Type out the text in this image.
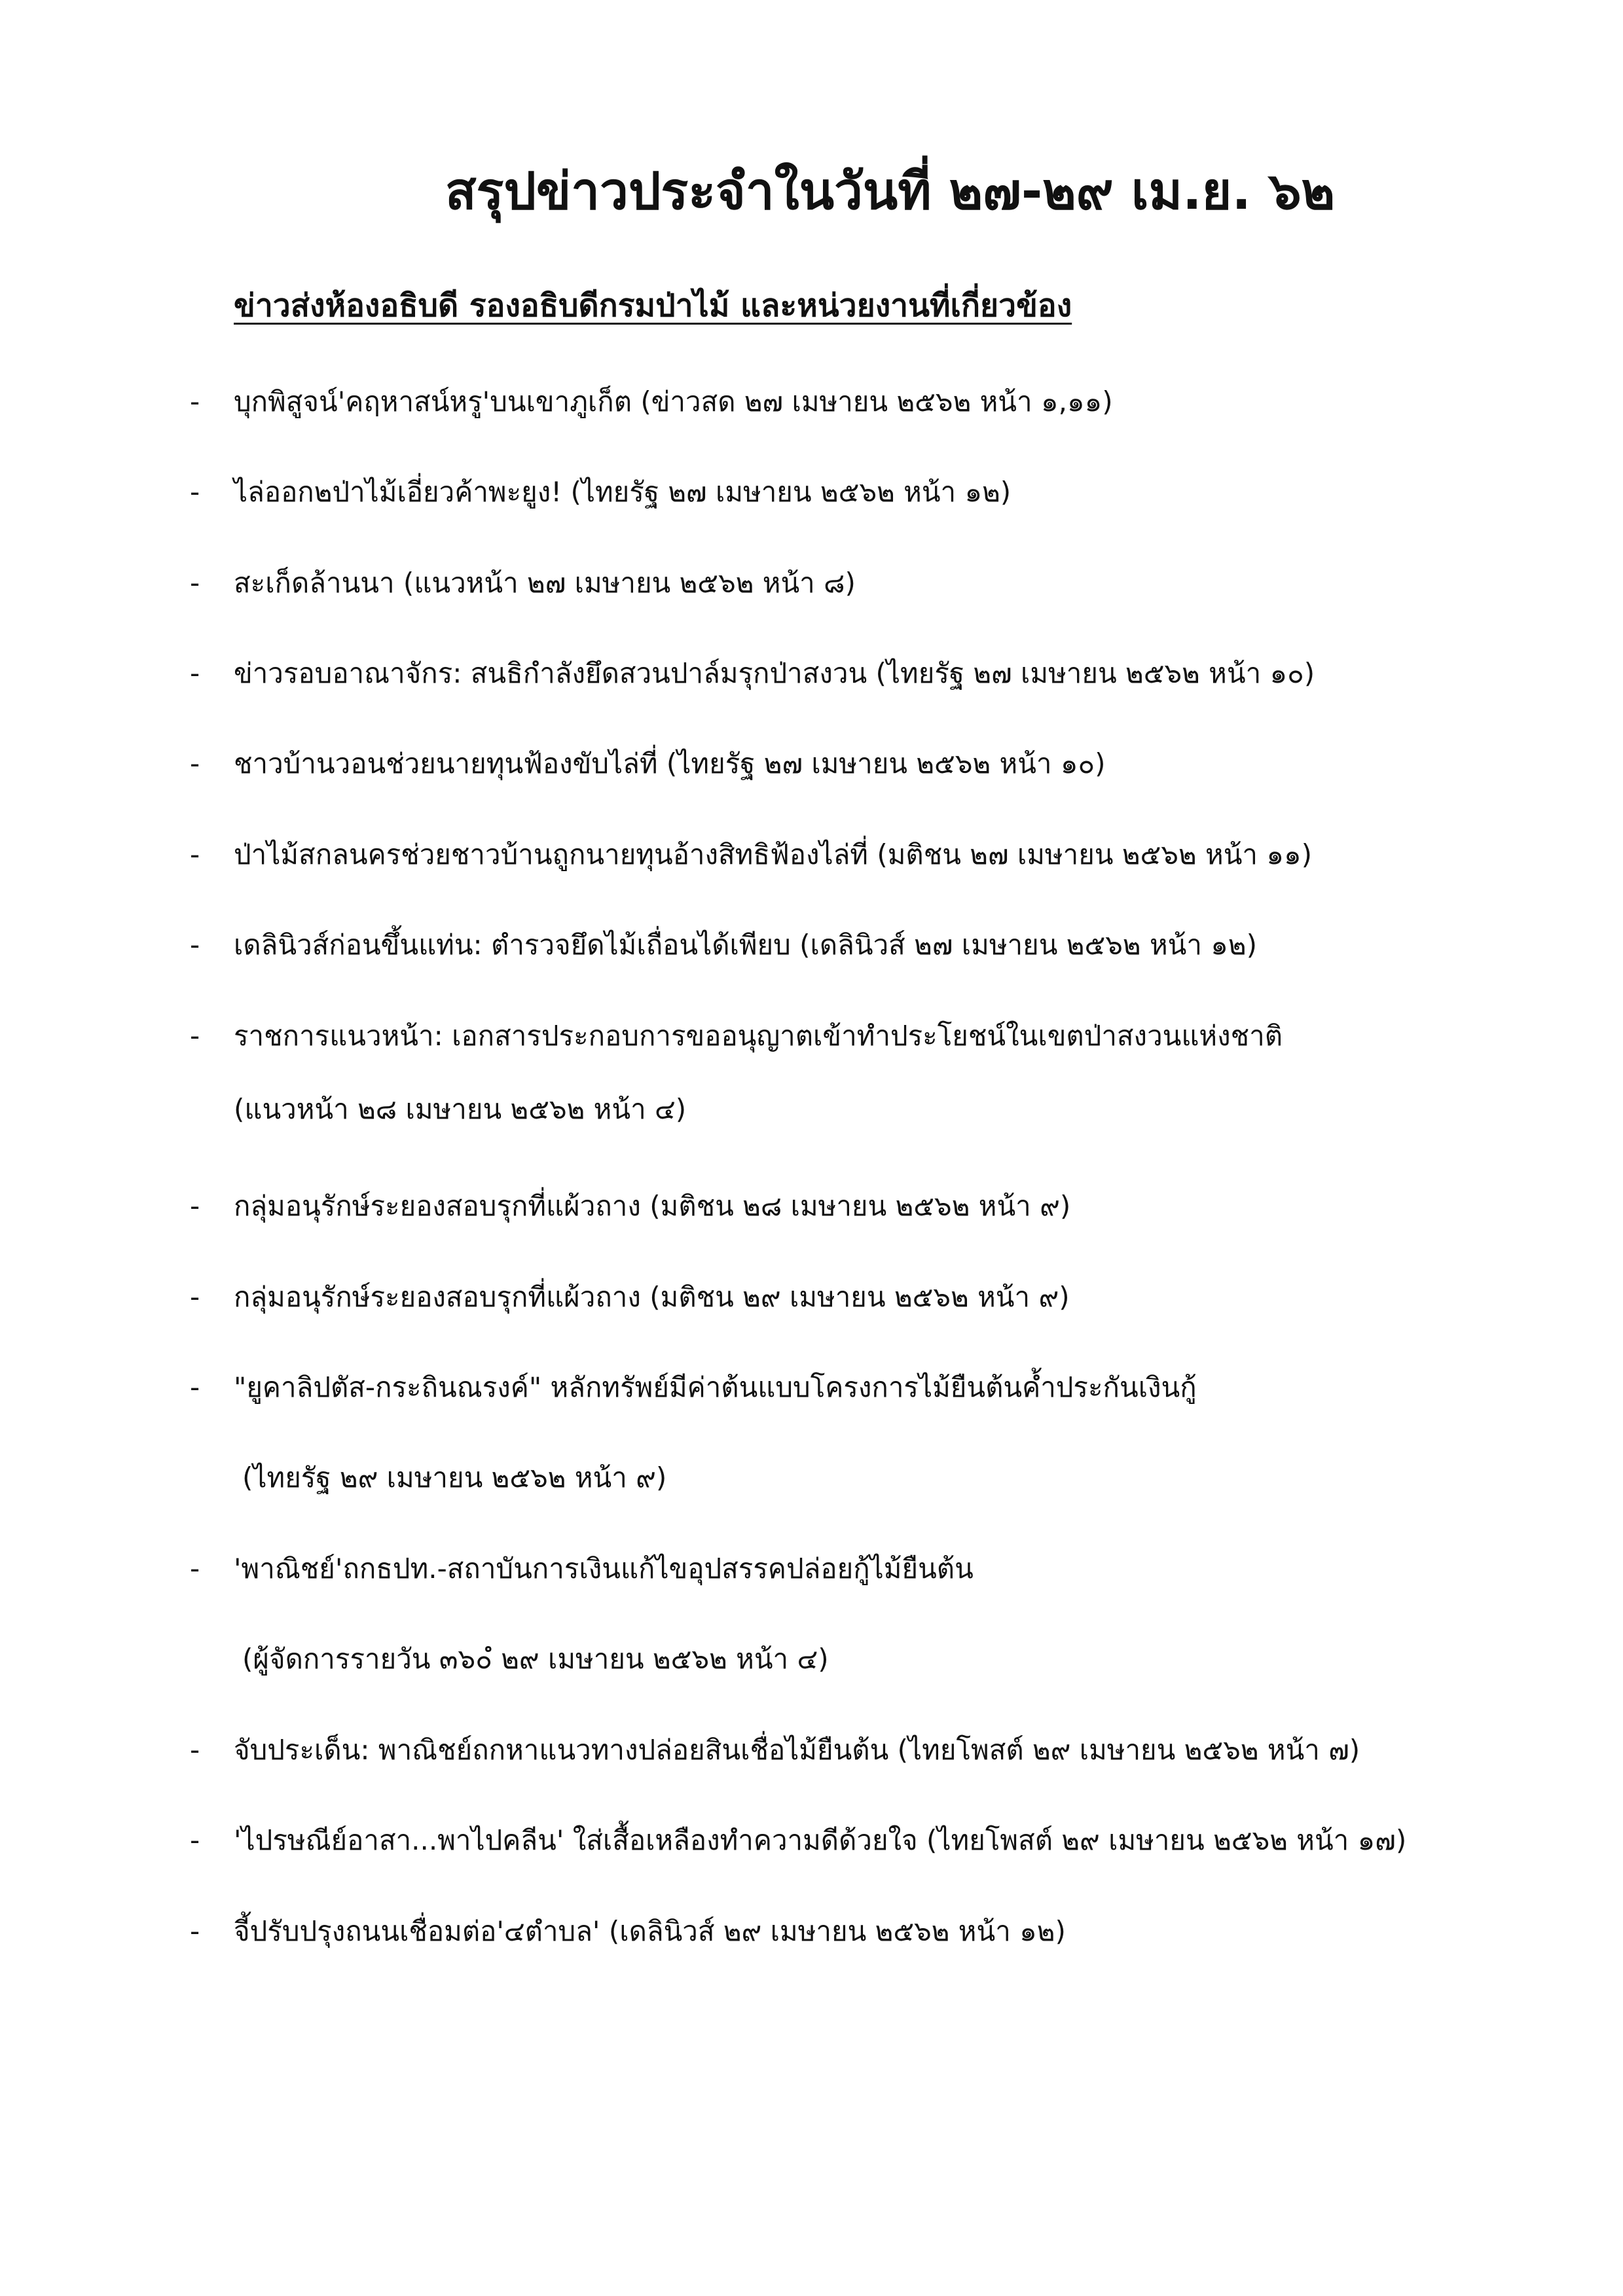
สรุปข่าวประจำในวันที่ ๒๗-๒๙ เม.ย. ๖๒
ข่าวส่งห้องอธิบดี รองอธิบดีกรมป่าไม้ และหน่วยงานที่เกี่ยวข้อง
- บุกพิสูจน์'คฤหาสน์หรู'บนเขาภูเก็ต (ข่าวสด ๒๗ เมษายน ๒๕๖๒ หน้า ๑,๑๑)
- ไล่ออก๒ป่าไม้เอี่ยวค้าพะยูง! (ไทยรัฐ ๒๗ เมษายน ๒๕๖๒ หน้า ๑๒)
- สะเก็ดล้านนา (แนวหน้า ๒๗ เมษายน ๒๕๖๒ หน้า ๘)
- ข่าวรอบอาณาจักร: สนธิกำลังยึดสวนปาล์มรุกป่าสงวน (ไทยรัฐ ๒๗ เมษายน ๒๕๖๒ หน้า ๑๐)
- ชาวบ้านวอนช่วยนายทุนฟ้องขับไล่ที่ (ไทยรัฐ ๒๗ เมษายน ๒๕๖๒ หน้า ๑๐)
- ป่าไม้สกลนครช่วยชาวบ้านถูกนายทุนอ้างสิทธิฟ้องไล่ที่ (มติชน ๒๗ เมษายน ๒๕๖๒ หน้า ๑๑)
- เดลินิวส์ก่อนขึ้นแท่น: ตำรวจยึดไม้เถื่อนได้เพียบ (เดลินิวส์ ๒๗ เมษายน ๒๕๖๒ หน้า ๑๒)
- ราชการแนวหน้า: เอกสารประกอบการขออนุญาตเข้าทำประโยชน์ในเขตป่าสงวนแห่งชาติ
(แนวหน้า ๒๘ เมษายน ๒๕๖๒ หน้า ๔)
- กลุ่มอนุรักษ์ระยองสอบรุกที่แผ้วถาง (มติชน ๒๘ เมษายน ๒๕๖๒ หน้า ๙)
- กลุ่มอนุรักษ์ระยองสอบรุกที่แผ้วถาง (มติชน ๒๙ เมษายน ๒๕๖๒ หน้า ๙)
- "ยูคาลิปตัส-กระถินณรงค์" หลักทรัพย์มีค่าต้นแบบโครงการไม้ยืนต้นค้ำประกันเงินกู้
(ไทยรัฐ ๒๙ เมษายน ๒๕๖๒ หน้า ๙)
- 'พาณิชย์'ถกธปท.-สถาบันการเงินแก้ไขอุปสรรคปล่อยกู้ไม้ยืนต้น
(ผู้จัดการรายวัน ๓๖๐ํ ๒๙ เมษายน ๒๕๖๒ หน้า ๔)
- จับประเด็น: พาณิชย์ถกหาแนวทางปล่อยสินเชื่อไม้ยืนต้น (ไทยโพสต์ ๒๙ เมษายน ๒๕๖๒ หน้า ๗)
- 'ไปรษณีย์อาสา...พาไปคลีน' ใส่เสื้อเหลืองทำความดีด้วยใจ (ไทยโพสต์ ๒๙ เมษายน ๒๕๖๒ หน้า ๑๗)
- จี้ปรับปรุงถนนเชื่อมต่อ'๔ตำบล' (เดลินิวส์ ๒๙ เมษายน ๒๕๖๒ หน้า ๑๒)
